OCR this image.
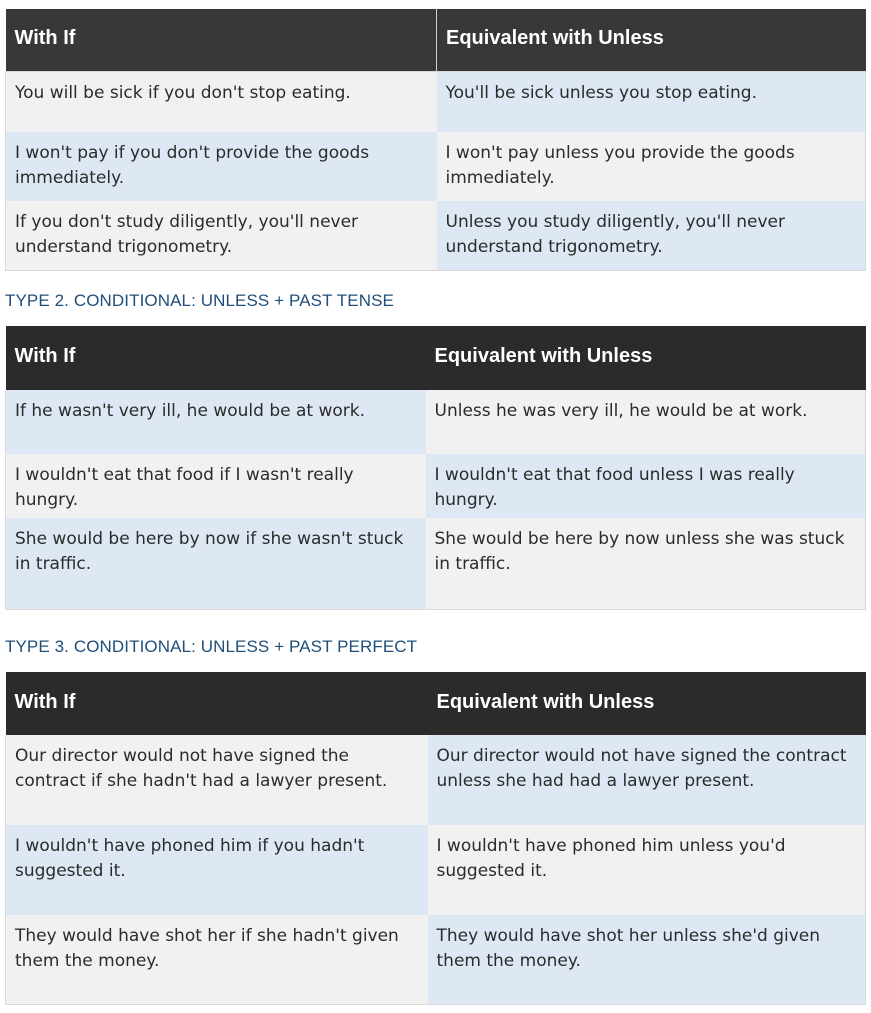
With If	Equivalent with Unless
You will be sick if you don't stop eating.	You'll be sick unless you stop eating.
I won't pay if you don't provide the goods immediately.	I won't pay unless you provide the goods immediately.
If you don't study diligently, you'll never understand trigonometry.	Unless you study diligently, you'll never understand trigonometry.
TYPE 2. CONDITIONAL: UNLESS + PAST TENSE
With If	Equivalent with Unless
If he wasn't very ill, he would be at work.	Unless he was very ill, he would be at work.
I wouldn't eat that food if I wasn't really hungry.	I wouldn't eat that food unless I was really hungry.
She would be here by now if she wasn't stuck in traffic.	She would be here by now unless she was stuck in traffic.
TYPE 3. CONDITIONAL: UNLESS + PAST PERFECT
With If	Equivalent with Unless
Our director would not have signed the contract if she hadn't had a lawyer present.	Our director would not have signed the contract unless she had had a lawyer present.
I wouldn't have phoned him if you hadn't suggested it.	I wouldn't have phoned him unless you'd suggested it.
They would have shot her if she hadn't given them the money.	They would have shot her unless she'd given them the money.
